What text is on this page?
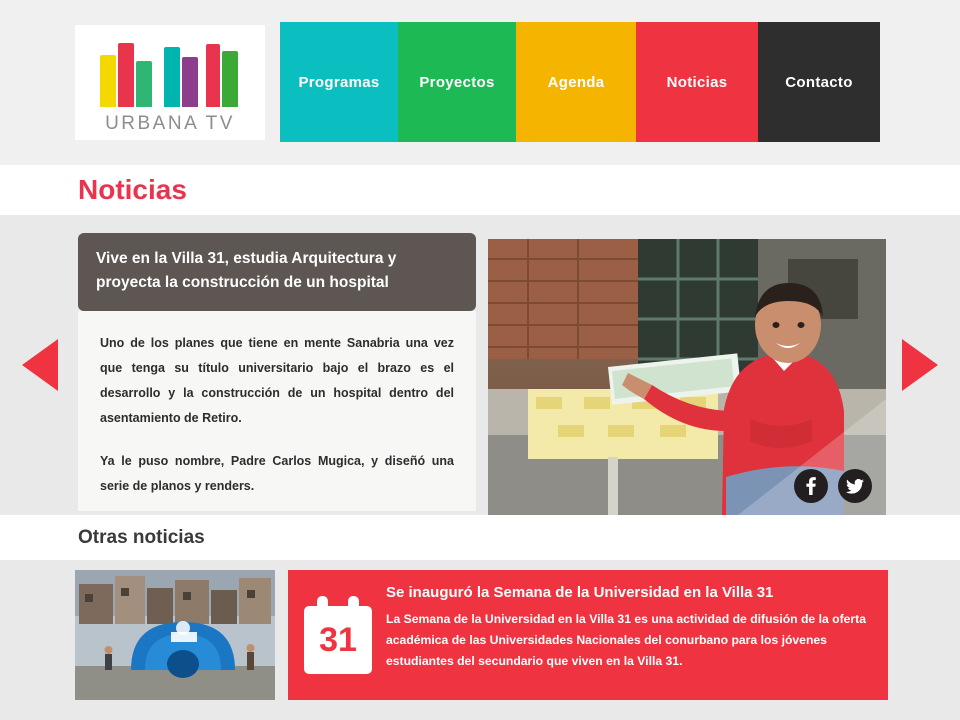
URBANA TV
Programas	Proyectos	Agenda	Noticias	Contacto
Noticias
Vive en la Villa 31, estudia Arquitectura y proyecta la construcción de un hospital

Uno de los planes que tiene en mente Sanabria una vez que tenga su título universitario bajo el brazo es el desarrollo y la construcción de un hospital dentro del asentamiento de Retiro.

Ya le puso nombre, Padre Carlos Mugica, y diseñó una serie de planos y renders.

Otras noticias
31
Se inauguró la Semana de la Universidad en la Villa 31
La Semana de la Universidad en la Villa 31 es una actividad de difusión de la oferta académica de las Universidades Nacionales del conurbano para los jóvenes estudiantes del secundario que viven en la Villa 31.
